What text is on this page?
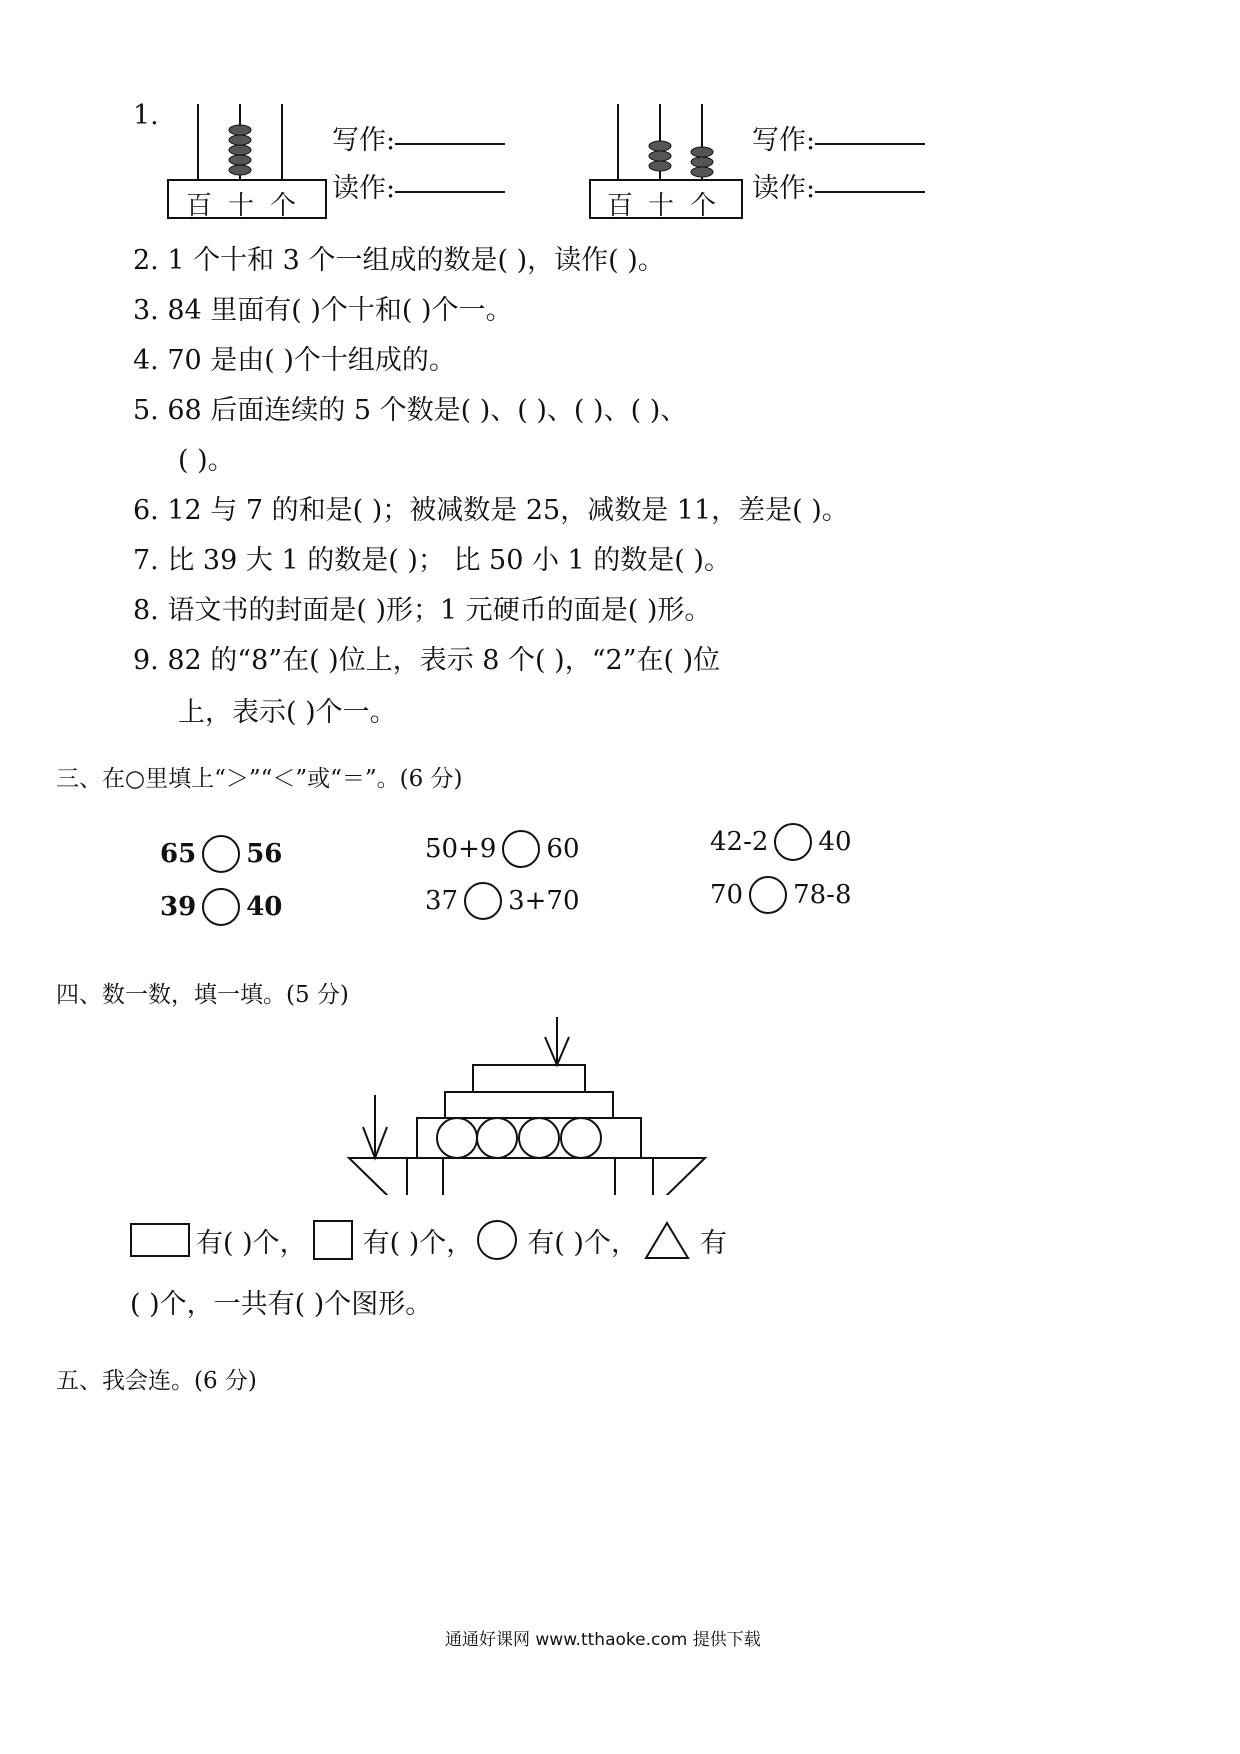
1.
百 十 个
写作:
读作:
百 十 个
写作:
读作:
2. 1 个十和 3 个一组成的数是( )，读作( )。
3. 84 里面有( )个十和( )个一。
4. 70 是由( )个十组成的。
5. 68 后面连续的 5 个数是( )、( )、( )、( )、
( )。
6. 12 与 7 的和是( )；被减数是 25，减数是 11，差是( )。
7. 比 39 大 1 的数是( )； 比 50 小 1 的数是( )。
8. 语文书的封面是( )形；1 元硬币的面是( )形。
9. 82 的“8”在( )位上，表示 8 个( )，“2”在( )位
上，表示( )个一。
三、在○里填上“＞”“＜”或“＝”。(6 分)
65 56
39 40
50+9 60
37 3+70
42-2 40
70 78-8
四、数一数，填一填。(5 分)
有( )个， 有( )个， 有( )个， 有
( )个，一共有( )个图形。
五、我会连。(6 分)
通通好课网 www.tthaoke.com 提供下载
